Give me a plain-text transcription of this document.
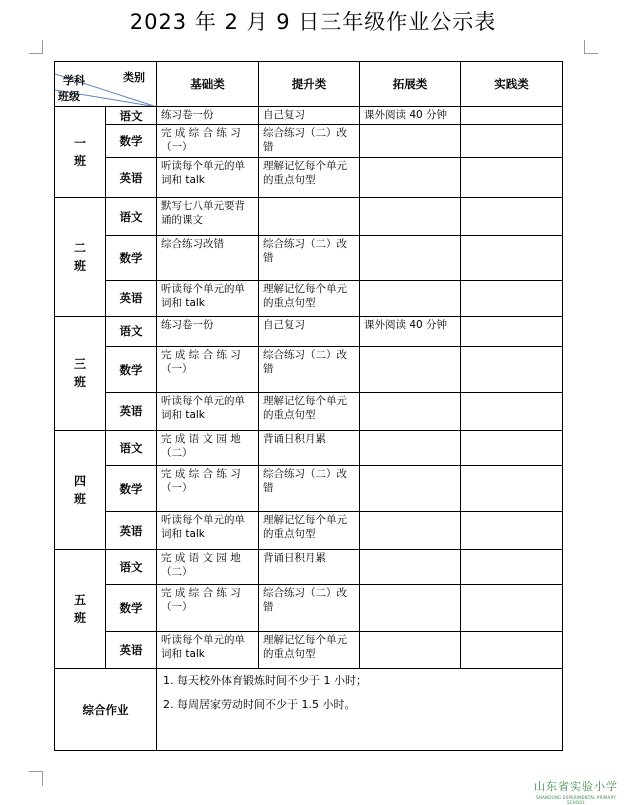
2023 年 2 月 9 日三年级作业公示表
学科 类别
班级		基础类	提升类	拓展类	实践类
一
班	语文	练习卷一份	自己复习	课外阅读 40 分钟	
	数学	完 成 综 合 练 习（一）	综合练习（二）改错		
	英语	听读每个单元的单词和 talk	理解记忆每个单元的重点句型		
二
班	语文	默写七八单元要背诵的课文			
	数学	综合练习改错	综合练习（二）改错		
	英语	听读每个单元的单词和 talk	理解记忆每个单元的重点句型		
三
班	语文	练习卷一份	自己复习	课外阅读 40 分钟	
	数学	完 成 综 合 练 习（一）	综合练习（二）改错		
	英语	听读每个单元的单词和 talk	理解记忆每个单元的重点句型		
四
班	语文	完 成 语 文 园 地（二）	背诵日积月累		
	数学	完 成 综 合 练 习（一）	综合练习（二）改错		
	英语	听读每个单元的单词和 talk	理解记忆每个单元的重点句型		
五
班	语文	完 成 语 文 园 地（二）	背诵日积月累		
	数学	完 成 综 合 练 习（一）	综合练习（二）改错		
	英语	听读每个单元的单词和 talk	理解记忆每个单元的重点句型		
综合作业		1. 每天校外体育锻炼时间不少于 1 小时；
2. 每周居家劳动时间不少于 1.5 小时。			
山东省实验小学
SHANDONG EXPERIMENTAL PRIMARY SCHOOL
